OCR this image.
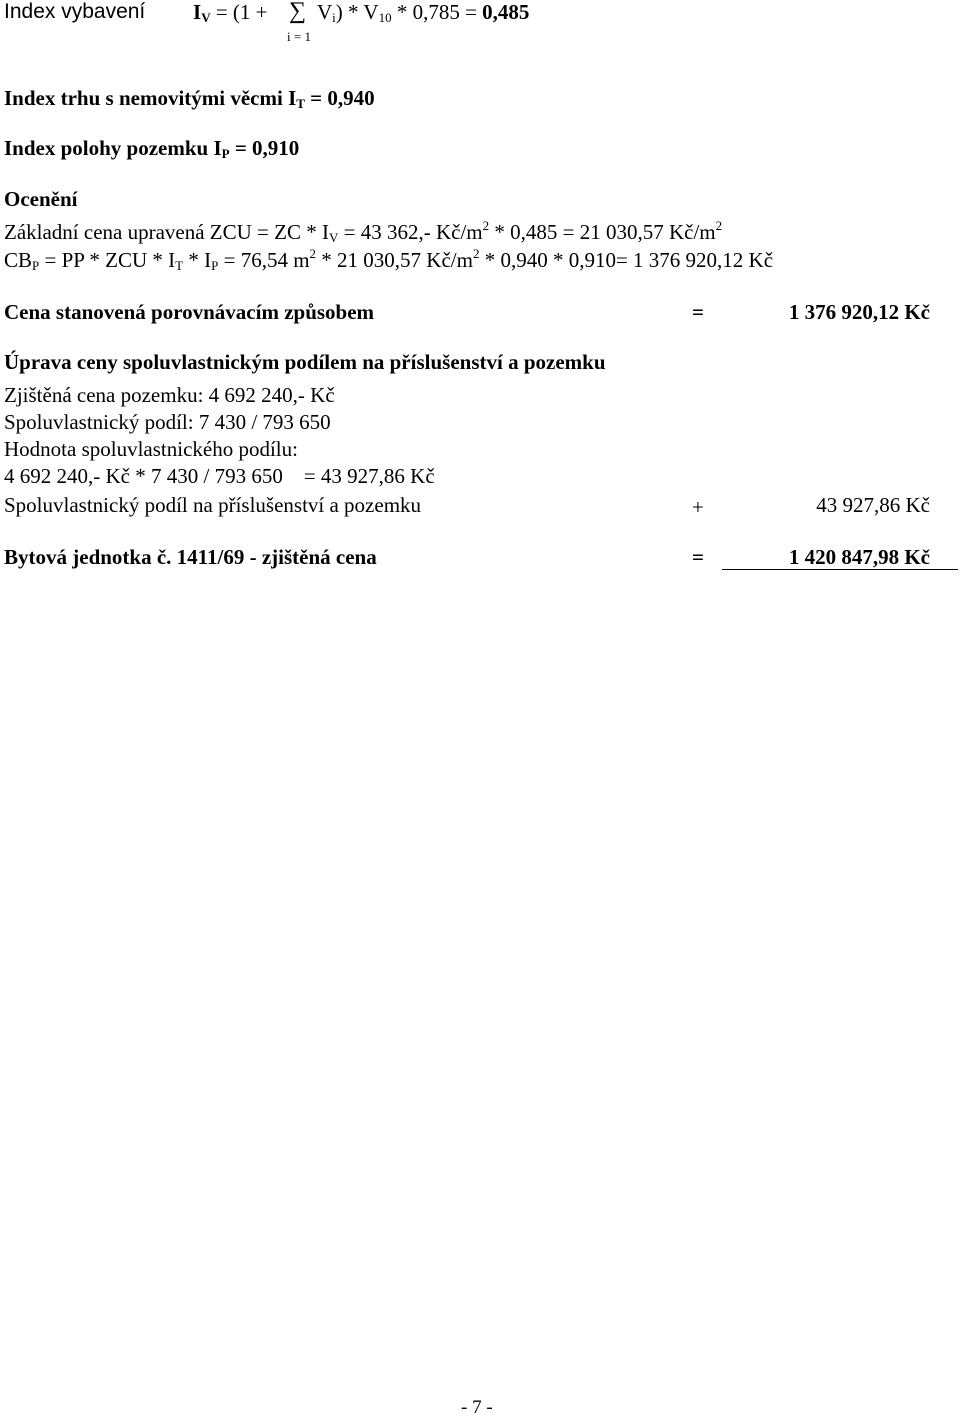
Index vybavení $I_V = (1$ + ∑
i = 1
$V_i) * V_{10} * 0,785 = 0,485$
Index trhu s nemovitými věcmi $I_T = 0,940$
Index polohy pozemku $I_P = 0,910$
Ocenění
Základní cena upravená ZCU = ZC * $I_V = 43$ 362,- $Kč/m^2 * 0,485 = 21$ 030,57 $Kč/m^2$
$CB_P$ = PP * ZCU * $I_T * I_P = 76,54$ $m^2 * 21$ 030,57 $Kč/m^2 * 0,940 * 0,910= 1$ 376 920,12 Kč
Cena stanovená porovnávacím způsobem	=	1 376 920,12 Kč
Úprava ceny spoluvlastnickým podílem na příslušenství a pozemku
Zjištěná cena pozemku: 4 692 240,- Kč
Spoluvlastnický podíl: 7 430 / 793 650
Hodnota spoluvlastnického podílu:
4 692 240,- Kč * 7 430 / 793 650    = 43 927,86 Kč
Spoluvlastnický podíl na příslušenství a pozemku	+	43 927,86 Kč
Bytová jednotka č. 1411/69 - zjištěná cena	=	1 420 847,98 Kč
- 7 -
